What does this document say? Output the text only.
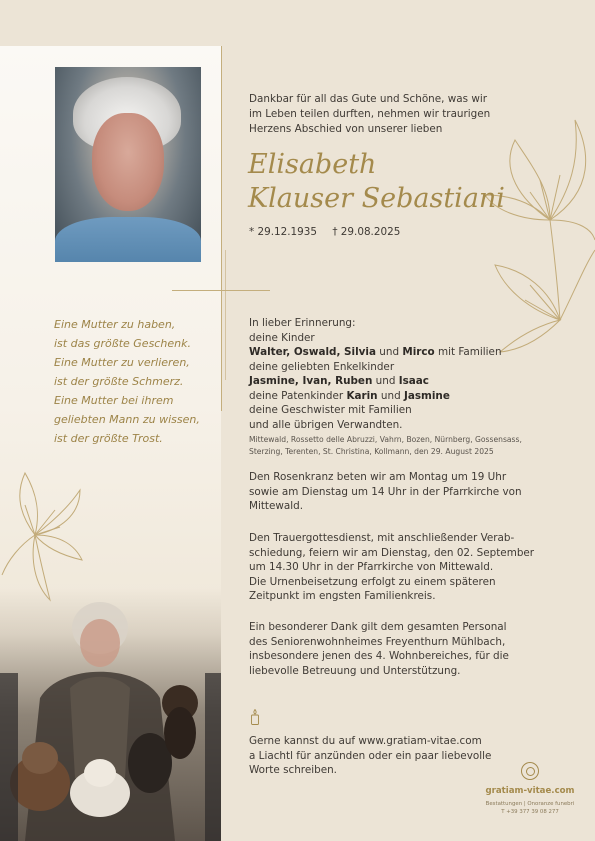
Dankbar für all das Gute und Schöne, was wir
im Leben teilen durften, nehmen wir traurigen
Herzens Abschied von unserer lieben
Elisabeth
Klauser Sebastiani
* 29.12.1935 † 29.08.2025
Eine Mutter zu haben,
ist das größte Geschenk.
Eine Mutter zu verlieren,
ist der größte Schmerz.
Eine Mutter bei ihrem
geliebten Mann zu wissen,
ist der größte Trost.
In lieber Erinnerung:
deine Kinder
Walter, Oswald, Silvia und Mirco mit Familien
deine geliebten Enkelkinder
Jasmine, Ivan, Ruben und Isaac
deine Patenkinder Karin und Jasmine
deine Geschwister mit Familien
und alle übrigen Verwandten.
Mittewald, Rossetto delle Abruzzi, Vahrn, Bozen, Nürnberg, Gossensass,
Sterzing, Terenten, St. Christina, Kollmann, den 29. August 2025
Den Rosenkranz beten wir am Montag um 19 Uhr
sowie am Dienstag um 14 Uhr in der Pfarrkirche von
Mittewald.
Den Trauergottesdienst, mit anschließender Verab-
schiedung, feiern wir am Dienstag, den 02. September
um 14.30 Uhr in der Pfarrkirche von Mittewald.
Die Urnenbeisetzung erfolgt zu einem späteren
Zeitpunkt im engsten Familienkreis.
Ein besonderer Dank gilt dem gesamten Personal
des Seniorenwohnheimes Freyenthurn Mühlbach,
insbesondere jenen des 4. Wohnbereiches, für die
liebevolle Betreuung und Unterstützung.
Gerne kannst du auf www.gratiam-vitae.com
a Liachtl für anzünden oder ein paar liebevolle
Worte schreiben.
gratiam-vitae.com
Bestattungen | Onoranze funebri
T +39 377 39 08 277
